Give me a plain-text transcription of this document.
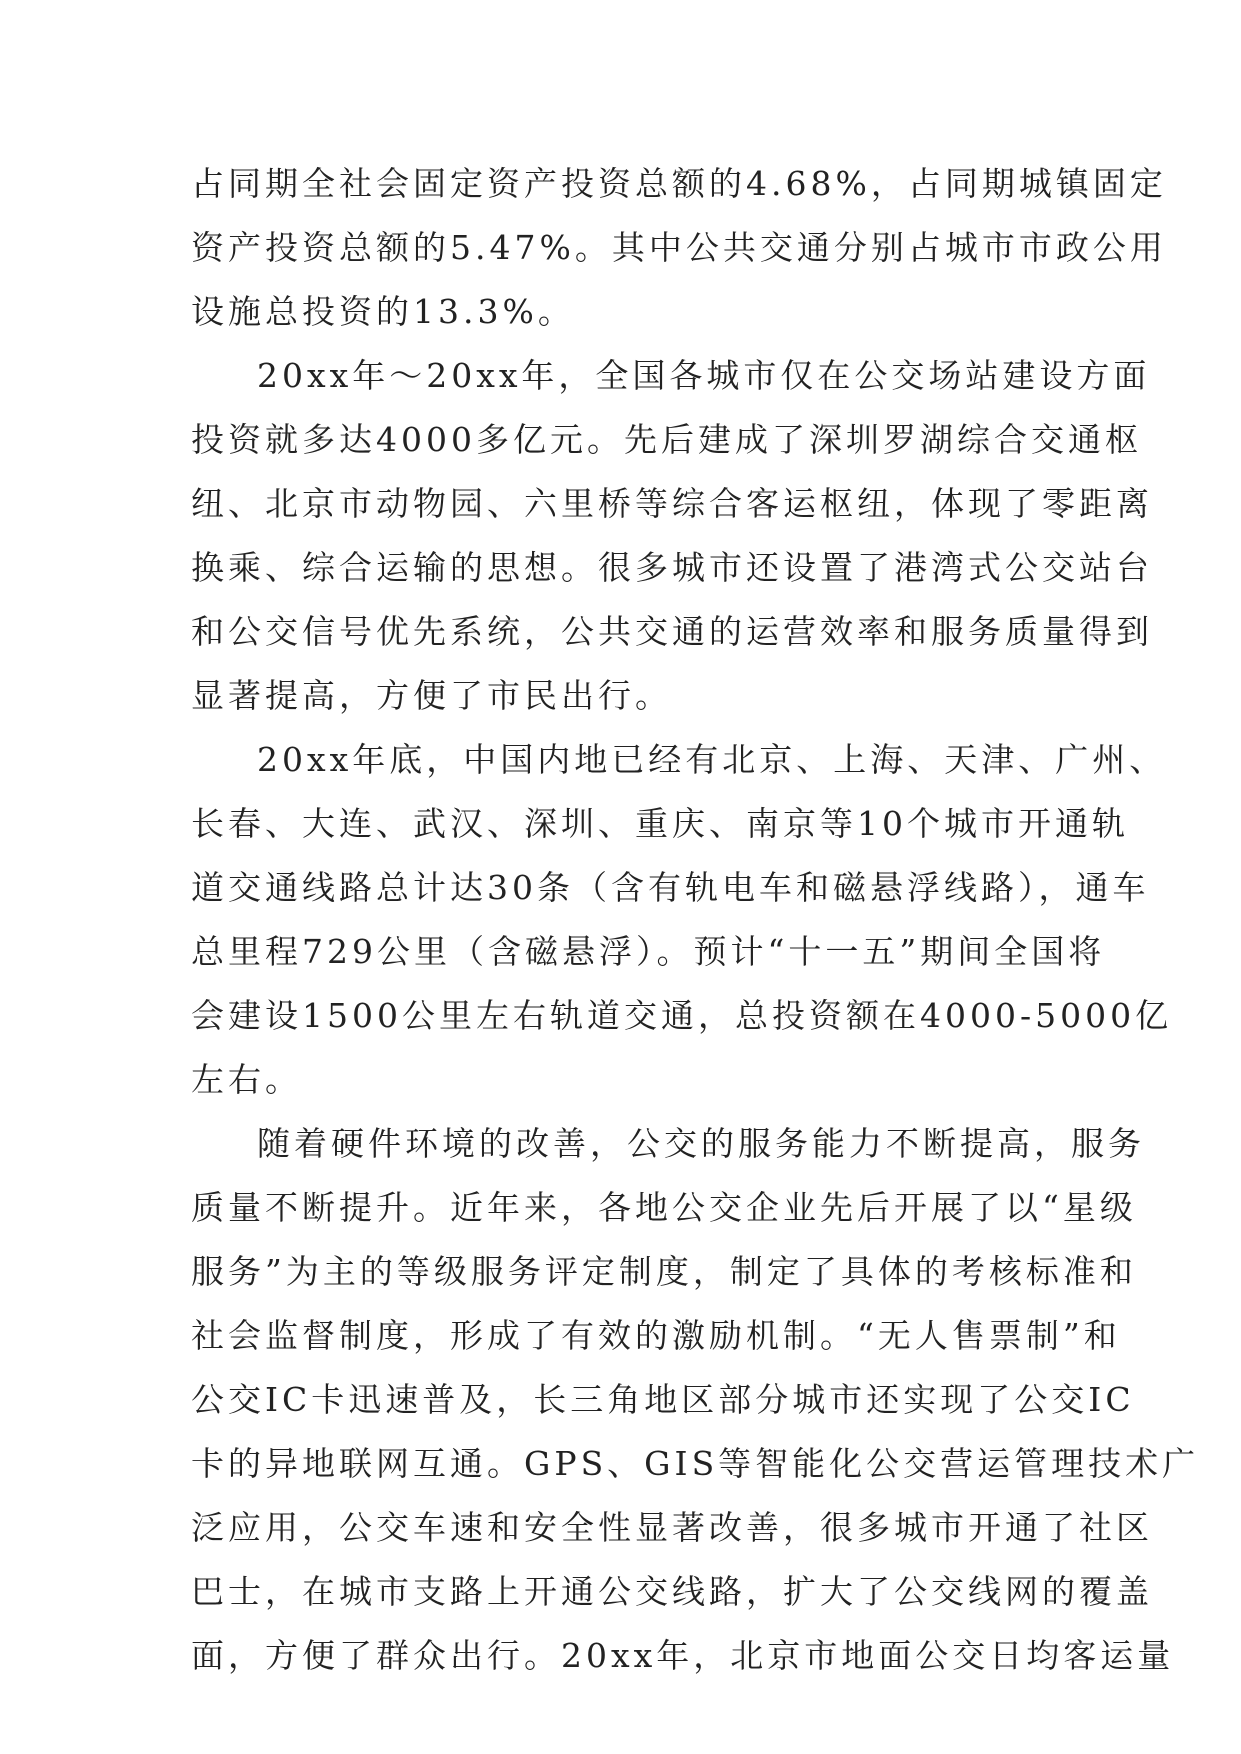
占同期全社会固定资产投资总额的4.68%，占同期城镇固定
资产投资总额的5.47%。其中公共交通分别占城市市政公用
设施总投资的13.3%。
20xx年～20xx年，全国各城市仅在公交场站建设方面
投资就多达4000多亿元。先后建成了深圳罗湖综合交通枢
纽、北京市动物园、六里桥等综合客运枢纽，体现了零距离
换乘、综合运输的思想。很多城市还设置了港湾式公交站台
和公交信号优先系统，公共交通的运营效率和服务质量得到
显著提高，方便了市民出行。
20xx年底，中国内地已经有北京、上海、天津、广州、
长春、大连、武汉、深圳、重庆、南京等10个城市开通轨
道交通线路总计达30条（含有轨电车和磁悬浮线路），通车
总里程729公里（含磁悬浮）。预计“十一五”期间全国将
会建设1500公里左右轨道交通，总投资额在4000-5000亿
左右。
随着硬件环境的改善，公交的服务能力不断提高，服务
质量不断提升。近年来，各地公交企业先后开展了以“星级
服务”为主的等级服务评定制度，制定了具体的考核标准和
社会监督制度，形成了有效的激励机制。“无人售票制”和
公交IC卡迅速普及，长三角地区部分城市还实现了公交IC
卡的异地联网互通。GPS、GIS等智能化公交营运管理技术广
泛应用，公交车速和安全性显著改善，很多城市开通了社区
巴士，在城市支路上开通公交线路，扩大了公交线网的覆盖
面，方便了群众出行。20xx年，北京市地面公交日均客运量
